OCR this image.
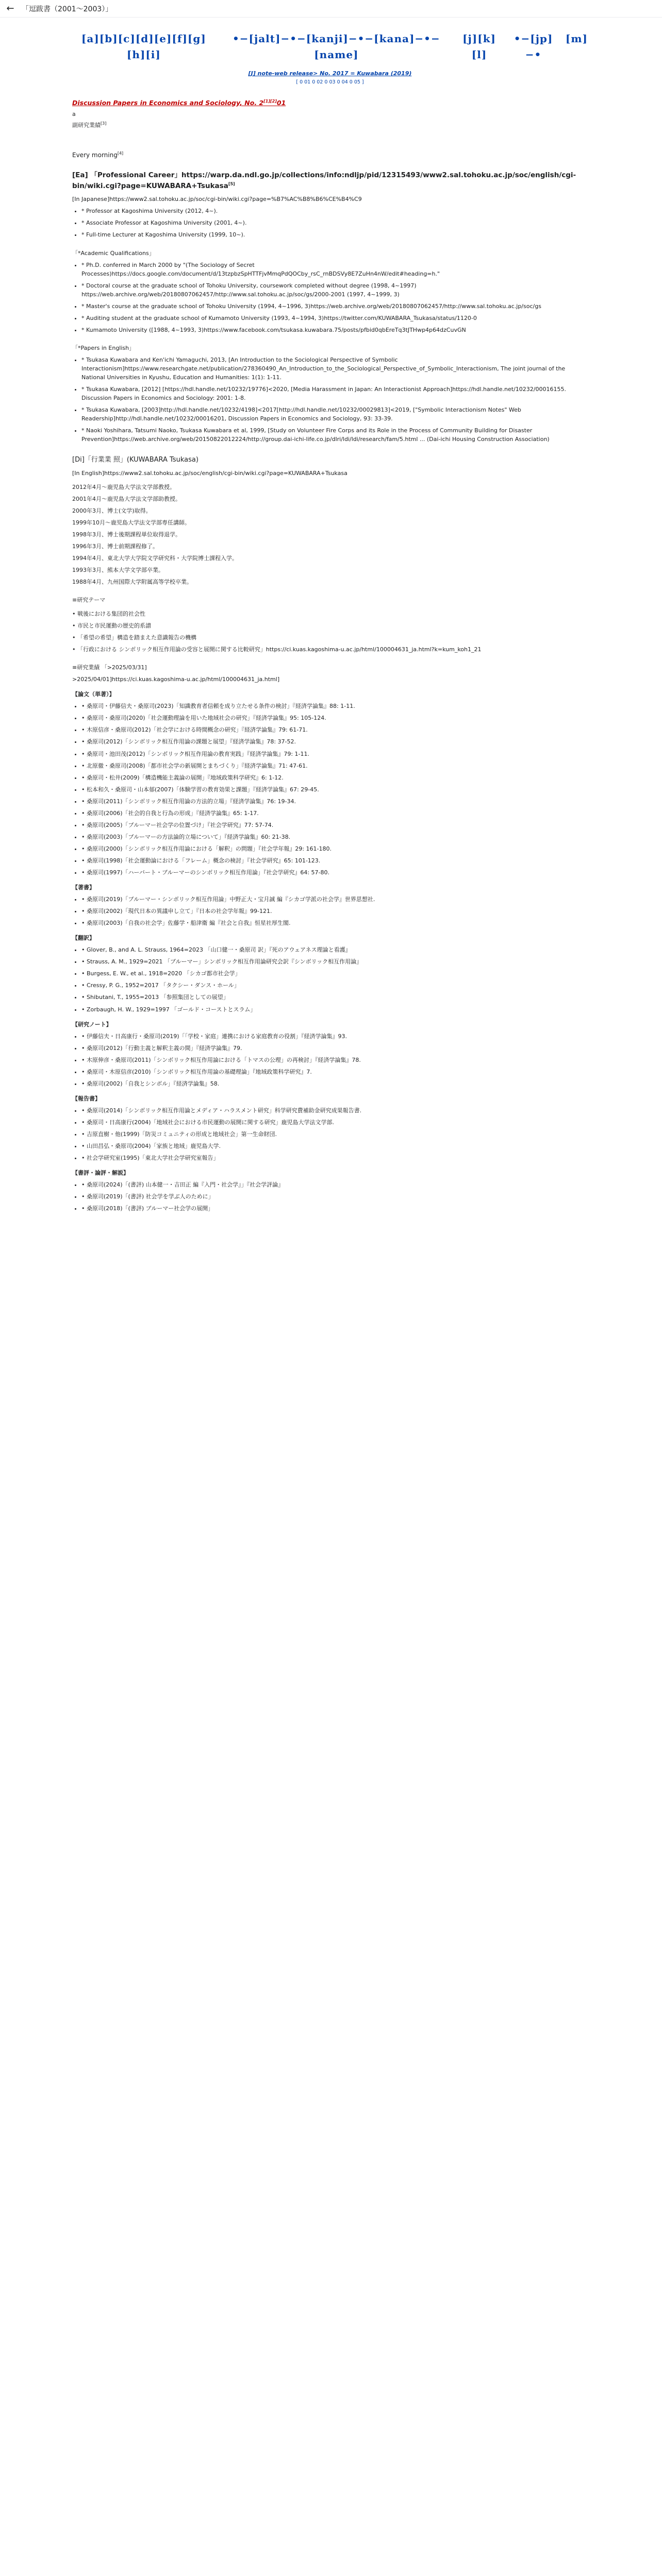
←	「逗跋書（2001〜2003）」
[a][b][c][d][e][f][g][h][i]
•−[jalt]−•−[kanji]−•−[kana]−•−[name]
[j][k][l]
•−[jp]−•
[m]
[J] note-web release> No. 2017 = Kuwabara (2019)
[ 0 01 0 02 0 03 0 04 0 05 ]
Discussion Papers in Economics and Sociology, No. 2[1][2]01
a
副研究業績[3]
Every morning[4]
[Ea] 「Professional Career」https://warp.da.ndl.go.jp/collections/info:ndljp/pid/12315493/www2.sal.tohoku.ac.jp/soc/english/cgi-bin/wiki.cgi?page=KUWABARA+Tsukasa[5]
[In Japanese]https://www2.sal.tohoku.ac.jp/soc/cgi-bin/wiki.cgi?page=%B7%AC%B8%B6%CE%B4%C9
• * Professor at Kagoshima University (2012, 4~).
• * Associate Professor at Kagoshima University (2001, 4~).
• * Full-time Lecturer at Kagoshima University (1999, 10~).
「*Academic Qualifications」
• * Ph.D. conferred in March 2000 by "(The Sociology of Secret Processes)https://docs.google.com/document/d/13tzpbzSpHTTFjvMmqPdQOCby_rsC_rnBDSVy8E7ZuHn4nW/edit#heading=h."
• * Doctoral course at the graduate school of Tohoku University, coursework completed without degree (1998, 4~1997) https://web.archive.org/web/20180807062457/http://www.sal.tohoku.ac.jp/soc/gs/2000-2001 (1997, 4~1999, 3)
• * Master's course at the graduate school of Tohoku University (1994, 4~1996, 3)https://web.archive.org/web/20180807062457/http://www.sal.tohoku.ac.jp/soc/gs
• * Auditing student at the graduate school of Kumamoto University (1993, 4~1994, 3)https://twitter.com/KUWABARA_Tsukasa/status/1120-0
• * Kumamoto University ([1988, 4~1993, 3)https://www.facebook.com/tsukasa.kuwabara.75/posts/pfbid0qbEreTq3tJTHwp4p64dzCuvGN
「*Papers in English」
• * Tsukasa Kuwabara and Ken'ichi Yamaguchi, 2013, [An Introduction to the Sociological Perspective of Symbolic Interactionism]https://www.researchgate.net/publication/278360490_An_Introduction_to_the_Sociological_Perspective_of_Symbolic_Interactionism, The joint journal of the National Universities in Kyushu, Education and Humanities: 1(1): 1-11.
• * Tsukasa Kuwabara, [2012] [https://hdl.handle.net/10232/19776]<2020, [Media Harassment in Japan: An Interactionist Approach]https://hdl.handle.net/10232/00016155. Discussion Papers in Economics and Sociology: 2001: 1-8.
• * Tsukasa Kuwabara, [2003]http://hdl.handle.net/10232/4198]<2017[http://hdl.handle.net/10232/00029813]<2019, ["Symbolic Interactionism Notes" Web Readership]http://hdl.handle.net/10232/00016201, Discussion Papers in Economics and Sociology, 93: 33-39.
• * Naoki Yoshihara, Tatsumi Naoko, Tsukasa Kuwabara et al, 1999, [Study on Volunteer Fire Corps and its Role in the Process of Community Building for Disaster Prevention]https://web.archive.org/web/20150822012224/http://group.dai-ichi-life.co.jp/dlri/ldi/ldi/research/fam/5.html ... (Dai-ichi Housing Construction Association)
[Di]「行業業 照」(KUWABARA Tsukasa)
[In English]https://www2.sal.tohoku.ac.jp/soc/english/cgi-bin/wiki.cgi?page=KUWABARA+Tsukasa
2012年4月〜鹿児島大学法文学部教授。
2001年4月〜鹿児島大学法文学部助教授。
2000年3月、博士(文学)取得。
1999年10月〜鹿児島大学法文学部専任講師。
1998年3月、博士後期課程単位取得退学。
1996年3月、博士前期課程修了。
1994年4月、東北大学大学院文学研究科・大学院博士課程入学。
1993年3月、熊本大学文学部卒業。
1988年4月、九州国際大学附属高等学校卒業。
≡研究テーマ
• 戦後における集団的社会性
• 市民と市民運動の歴史的系譜
• 「希望の希望」構造を踏まえた意識報告の機構
• 「行政における シンボリック相互作用論の受容と展開に関する比較研究」https://ci.kuas.kagoshima-u.ac.jp/html/100004631_ja.html?k=kum_koh1_21
≡研究業績 「>2025/03/31]
>2025/04/01]https://ci.kuas.kagoshima-u.ac.jp/html/100004631_ja.html]
【論文（単著）】
• • 桑原司・伊藤信夫・桑原司(2023)「知識教育者信頼を成り立たせる条件の検討」『経済学論集』88: 1-11.
• • 桑原司・桑原司(2020)「社会運動理論を用いた地域社会の研究」『経済学論集』95: 105-124.
• • 木原信彦・桑原司(2012)「社会学における時間概念の研究」『経済学論集』79: 61-71.
• • 桑原司(2012)「シンボリック相互作用論の課題と展望」『経済学論集』78: 37-52.
• • 桑原司・池田茂(2012)「シンボリック相互作用論の教育実践」『経済学論集』79: 1-11.
• • 北原徹・桑原司(2008)「都市社会学の新展開とまちづくり」『経済学論集』71: 47-61.
• • 桑原司・松井(2009)「構造機能主義論の展開」『地域政策科学研究』6: 1-12.
• • 松本和久・桑原司・山本郁(2007)「体験学習の教育効果と課題」『経済学論集』67: 29-45.
• • 桑原司(2011)「シンボリック相互作用論の方法的立場」『経済学論集』76: 19-34.
• • 桑原司(2006)「社会的自我と行為の形成」『経済学論集』65: 1-17.
• • 桑原司(2005)「ブルーマー社会学の位置づけ」『社会学研究』77: 57-74.
• • 桑原司(2003)「ブルーマーの方法論的立場について」『経済学論集』60: 21-38.
• • 桑原司(2000)「シンボリック相互作用論における「解釈」の問題」『社会学年報』29: 161-180.
• • 桑原司(1998)「社会運動論における「フレーム」概念の検討」『社会学研究』65: 101-123.
• • 桑原司(1997)「ハーバート・ブルーマーのシンボリック相互作用論」『社会学研究』64: 57-80.
【著書】
• • 桑原司(2019)「ブルーマー・シンボリック相互作用論」中野正大・宝月誠 編『シカゴ学派の社会学』世界思想社.
• • 桑原司(2002)「現代日本の異議申し立て」『日本の社会学年報』99-121.
• • 桑原司(2003)「自我の社会学」佐藤学・船津衛 編『社会と自我』恒星社厚生閣.
【翻訳】
• • Glover, B., and A. L. Strauss, 1964=2023 「山口健一・桑原司 訳」『死のアウェアネス理論と看護』
• • Strauss, A. M., 1929=2021 「ブルーマー」シンボリック相互作用論研究会訳『シンボリック相互作用論』
• • Burgess, E. W., et al., 1918=2020 「シカゴ都市社会学」
• • Cressy, P. G., 1952=2017 「タクシー・ダンス・ホール」
• • Shibutani, T., 1955=2013 「参照集団としての展望」
• • Zorbaugh, H. W., 1929=1997 「ゴールド・コーストとスラム」
【研究ノート】
• • 伊藤信夫・日高康行・桑原司(2019)「「学校・家庭」連携における家庭教育の役割」『経済学論集』93.
• • 桑原司(2012)「行動主義と解釈主義の間」『経済学論集』79.
• • 木原伸彦・桑原司(2011)「シンボリック相互作用論における「トマスの公理」の再検討」『経済学論集』78.
• • 桑原司・木原信彦(2010)「シンボリック相互作用論の基礎理論」『地域政策科学研究』7.
• • 桑原司(2002)「自我とシンボル」『経済学論集』58.
【報告書】
• • 桑原司(2014)「シンボリック相互作用論とメディア・ハラスメント研究」科学研究費補助金研究成果報告書.
• • 桑原司・日高康行(2004)「地域社会における市民運動の展開に関する研究」鹿児島大学法文学部.
• • 吉原直樹・他(1999)「防災コミュニティの形成と地域社会」第一生命財団.
• • 山田昌弘・桑原司(2004)「家族と地域」鹿児島大学.
• • 社会学研究室(1995)「東北大学社会学研究室報告」
【書評・論評・解説】
• • 桑原司(2024)「(書評) 山本健一・吉田正 編『入門・社会学』」『社会学評論』
• • 桑原司(2019)「(書評) 社会学を学ぶ人のために」
• • 桑原司(2018)「(書評) ブルーマー社会学の展開」
